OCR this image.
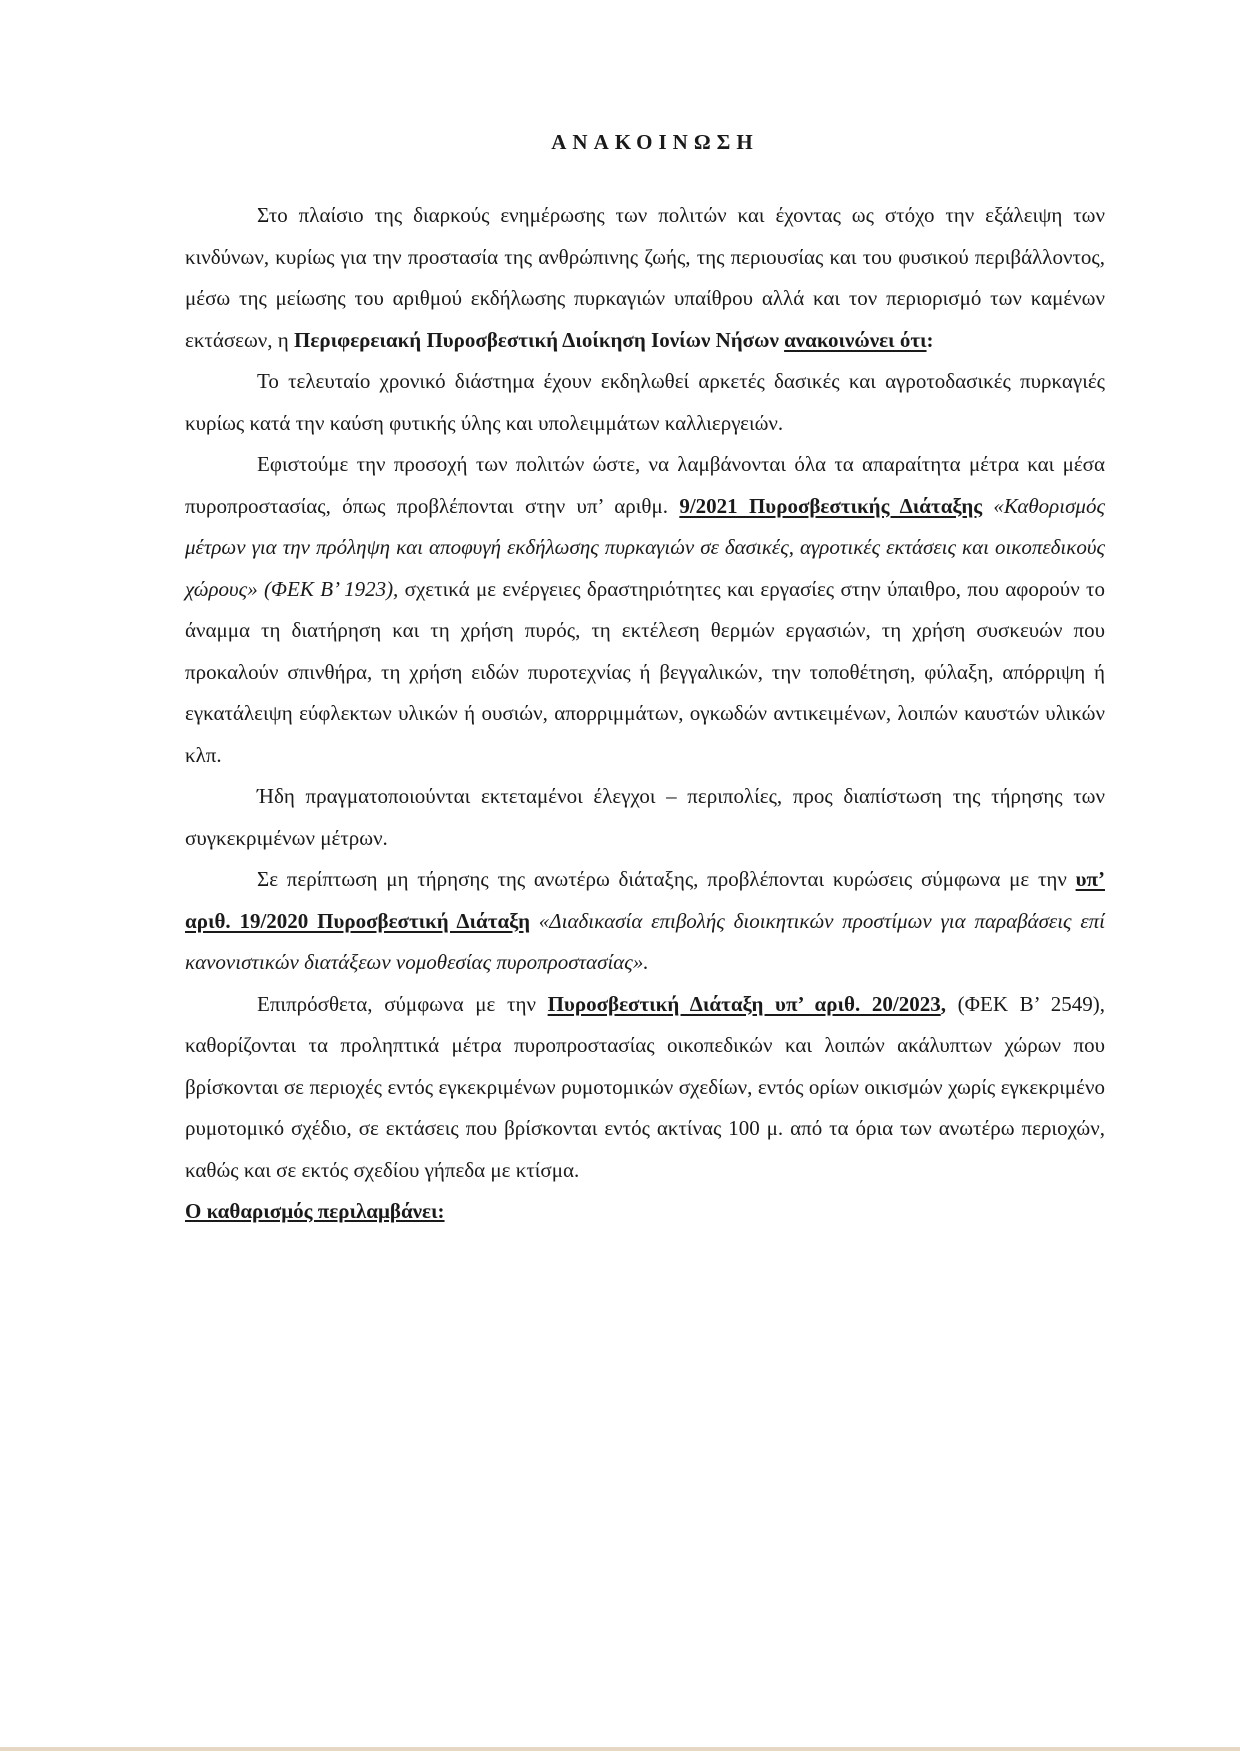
ΑΝΑΚΟΙΝΩΣΗ

Στο πλαίσιο της διαρκούς ενημέρωσης των πολιτών και έχοντας ως στόχο την εξάλειψη των κινδύνων, κυρίως για την προστασία της ανθρώπινης ζωής, της περιουσίας και του φυσικού περιβάλλοντος, μέσω της μείωσης του αριθμού εκδήλωσης πυρκαγιών υπαίθρου αλλά και τον περιορισμό των καμένων εκτάσεων, η Περιφερειακή Πυροσβεστική Διοίκηση Ιονίων Νήσων ανακοινώνει ότι:

Το τελευταίο χρονικό διάστημα έχουν εκδηλωθεί αρκετές δασικές και αγροτοδασικές πυρκαγιές κυρίως κατά την καύση φυτικής ύλης και υπολειμμάτων καλλιεργειών.

Εφιστούμε την προσοχή των πολιτών ώστε, να λαμβάνονται όλα τα απαραίτητα μέτρα και μέσα πυροπροστασίας, όπως προβλέπονται στην υπ’ αριθμ. 9/2021 Πυροσβεστικής Διάταξης «Καθορισμός μέτρων για την πρόληψη και αποφυγή εκδήλωσης πυρκαγιών σε δασικές, αγροτικές εκτάσεις και οικοπεδικούς χώρους» (ΦΕΚ Β’ 1923), σχετικά με ενέργειες δραστηριότητες και εργασίες στην ύπαιθρο, που αφορούν το άναμμα τη διατήρηση και τη χρήση πυρός, τη εκτέλεση θερμών εργασιών, τη χρήση συσκευών που προκαλούν σπινθήρα, τη χρήση ειδών πυροτεχνίας ή βεγγαλικών, την τοποθέτηση, φύλαξη, απόρριψη ή εγκατάλειψη εύφλεκτων υλικών ή ουσιών, απορριμμάτων, ογκωδών αντικειμένων, λοιπών καυστών υλικών κλπ.

Ήδη πραγματοποιούνται εκτεταμένοι έλεγχοι – περιπολίες, προς διαπίστωση της τήρησης των συγκεκριμένων μέτρων.

Σε περίπτωση μη τήρησης της ανωτέρω διάταξης, προβλέπονται κυρώσεις σύμφωνα με την υπ’ αριθ. 19/2020 Πυροσβεστική Διάταξη «Διαδικασία επιβολής διοικητικών προστίμων για παραβάσεις επί κανονιστικών διατάξεων νομοθεσίας πυροπροστασίας».

Επιπρόσθετα, σύμφωνα με την Πυροσβεστική Διάταξη υπ’ αριθ. 20/2023, (ΦΕΚ Β’ 2549), καθορίζονται τα προληπτικά μέτρα πυροπροστασίας οικοπεδικών και λοιπών ακάλυπτων χώρων που βρίσκονται σε περιοχές εντός εγκεκριμένων ρυμοτομικών σχεδίων, εντός ορίων οικισμών χωρίς εγκεκριμένο ρυμοτομικό σχέδιο, σε εκτάσεις που βρίσκονται εντός ακτίνας 100 μ. από τα όρια των ανωτέρω περιοχών, καθώς και σε εκτός σχεδίου γήπεδα με κτίσμα.

Ο καθαρισμός περιλαμβάνει:
